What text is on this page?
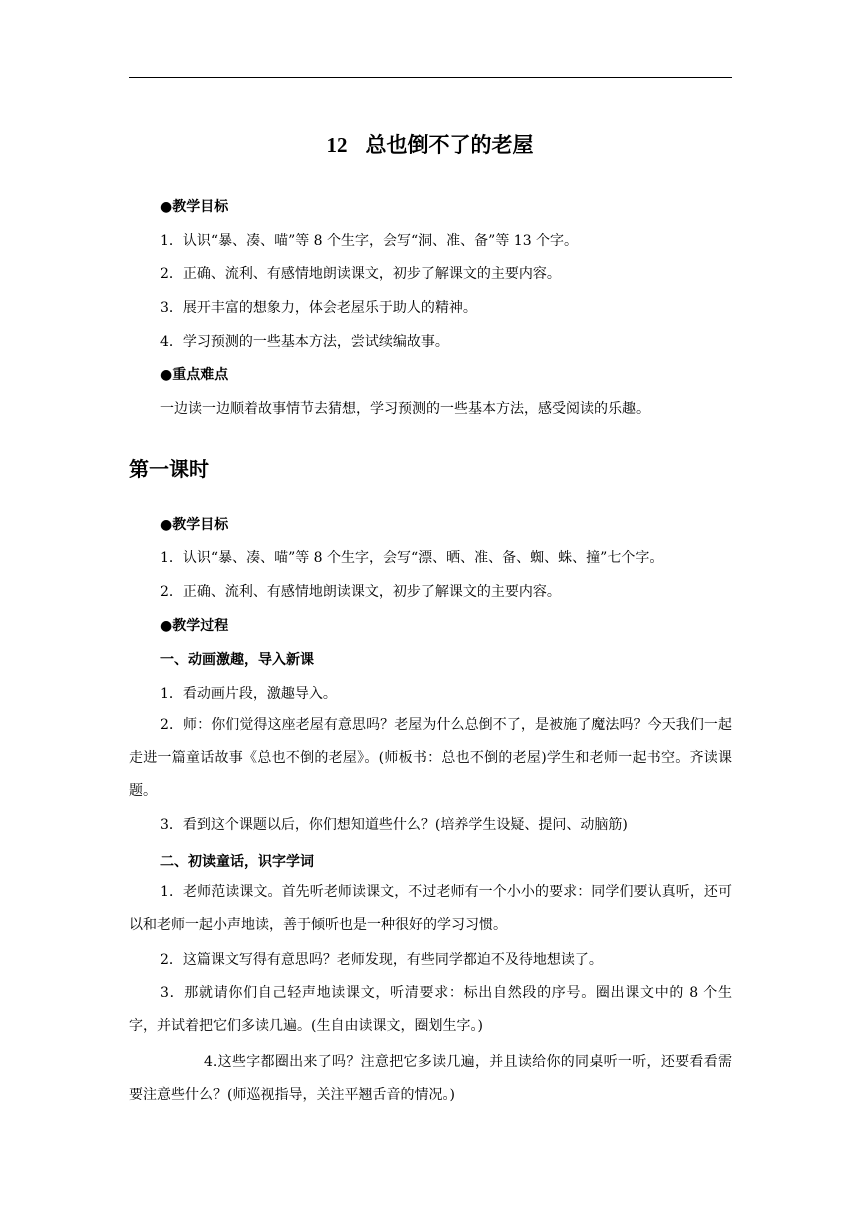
12 总也倒不了的老屋
●教学目标
1．认识“暴、凑、喵”等 8 个生字，会写“洞、准、备”等 13 个字。
2．正确、流利、有感情地朗读课文，初步了解课文的主要内容。
3．展开丰富的想象力，体会老屋乐于助人的精神。
4．学习预测的一些基本方法，尝试续编故事。
●重点难点
一边读一边顺着故事情节去猜想，学习预测的一些基本方法，感受阅读的乐趣。
第一课时
●教学目标
1．认识“暴、凑、喵”等 8 个生字，会写“漂、晒、准、备、蜘、蛛、撞”七个字。
2．正确、流利、有感情地朗读课文，初步了解课文的主要内容。
●教学过程
一、动画激趣，导入新课
1．看动画片段，激趣导入。
2．师：你们觉得这座老屋有意思吗？老屋为什么总倒不了，是被施了魔法吗？今天我们一起走进一篇童话故事《总也不倒的老屋》。(师板书：总也不倒的老屋)学生和老师一起书空。齐读课题。
3．看到这个课题以后，你们想知道些什么？(培养学生设疑、提问、动脑筋)
二、初读童话，识字学词
1．老师范读课文。首先听老师读课文，不过老师有一个小小的要求：同学们要认真听，还可以和老师一起小声地读，善于倾听也是一种很好的学习习惯。
2．这篇课文写得有意思吗？老师发现，有些同学都迫不及待地想读了。
3．那就请你们自己轻声地读课文，听清要求：标出自然段的序号。圈出课文中的 8 个生字，并试着把它们多读几遍。(生自由读课文，圈划生字。)
4.这些字都圈出来了吗？注意把它多读几遍，并且读给你的同桌听一听，还要看看需要注意些什么？(师巡视指导，关注平翘舌音的情况。)
